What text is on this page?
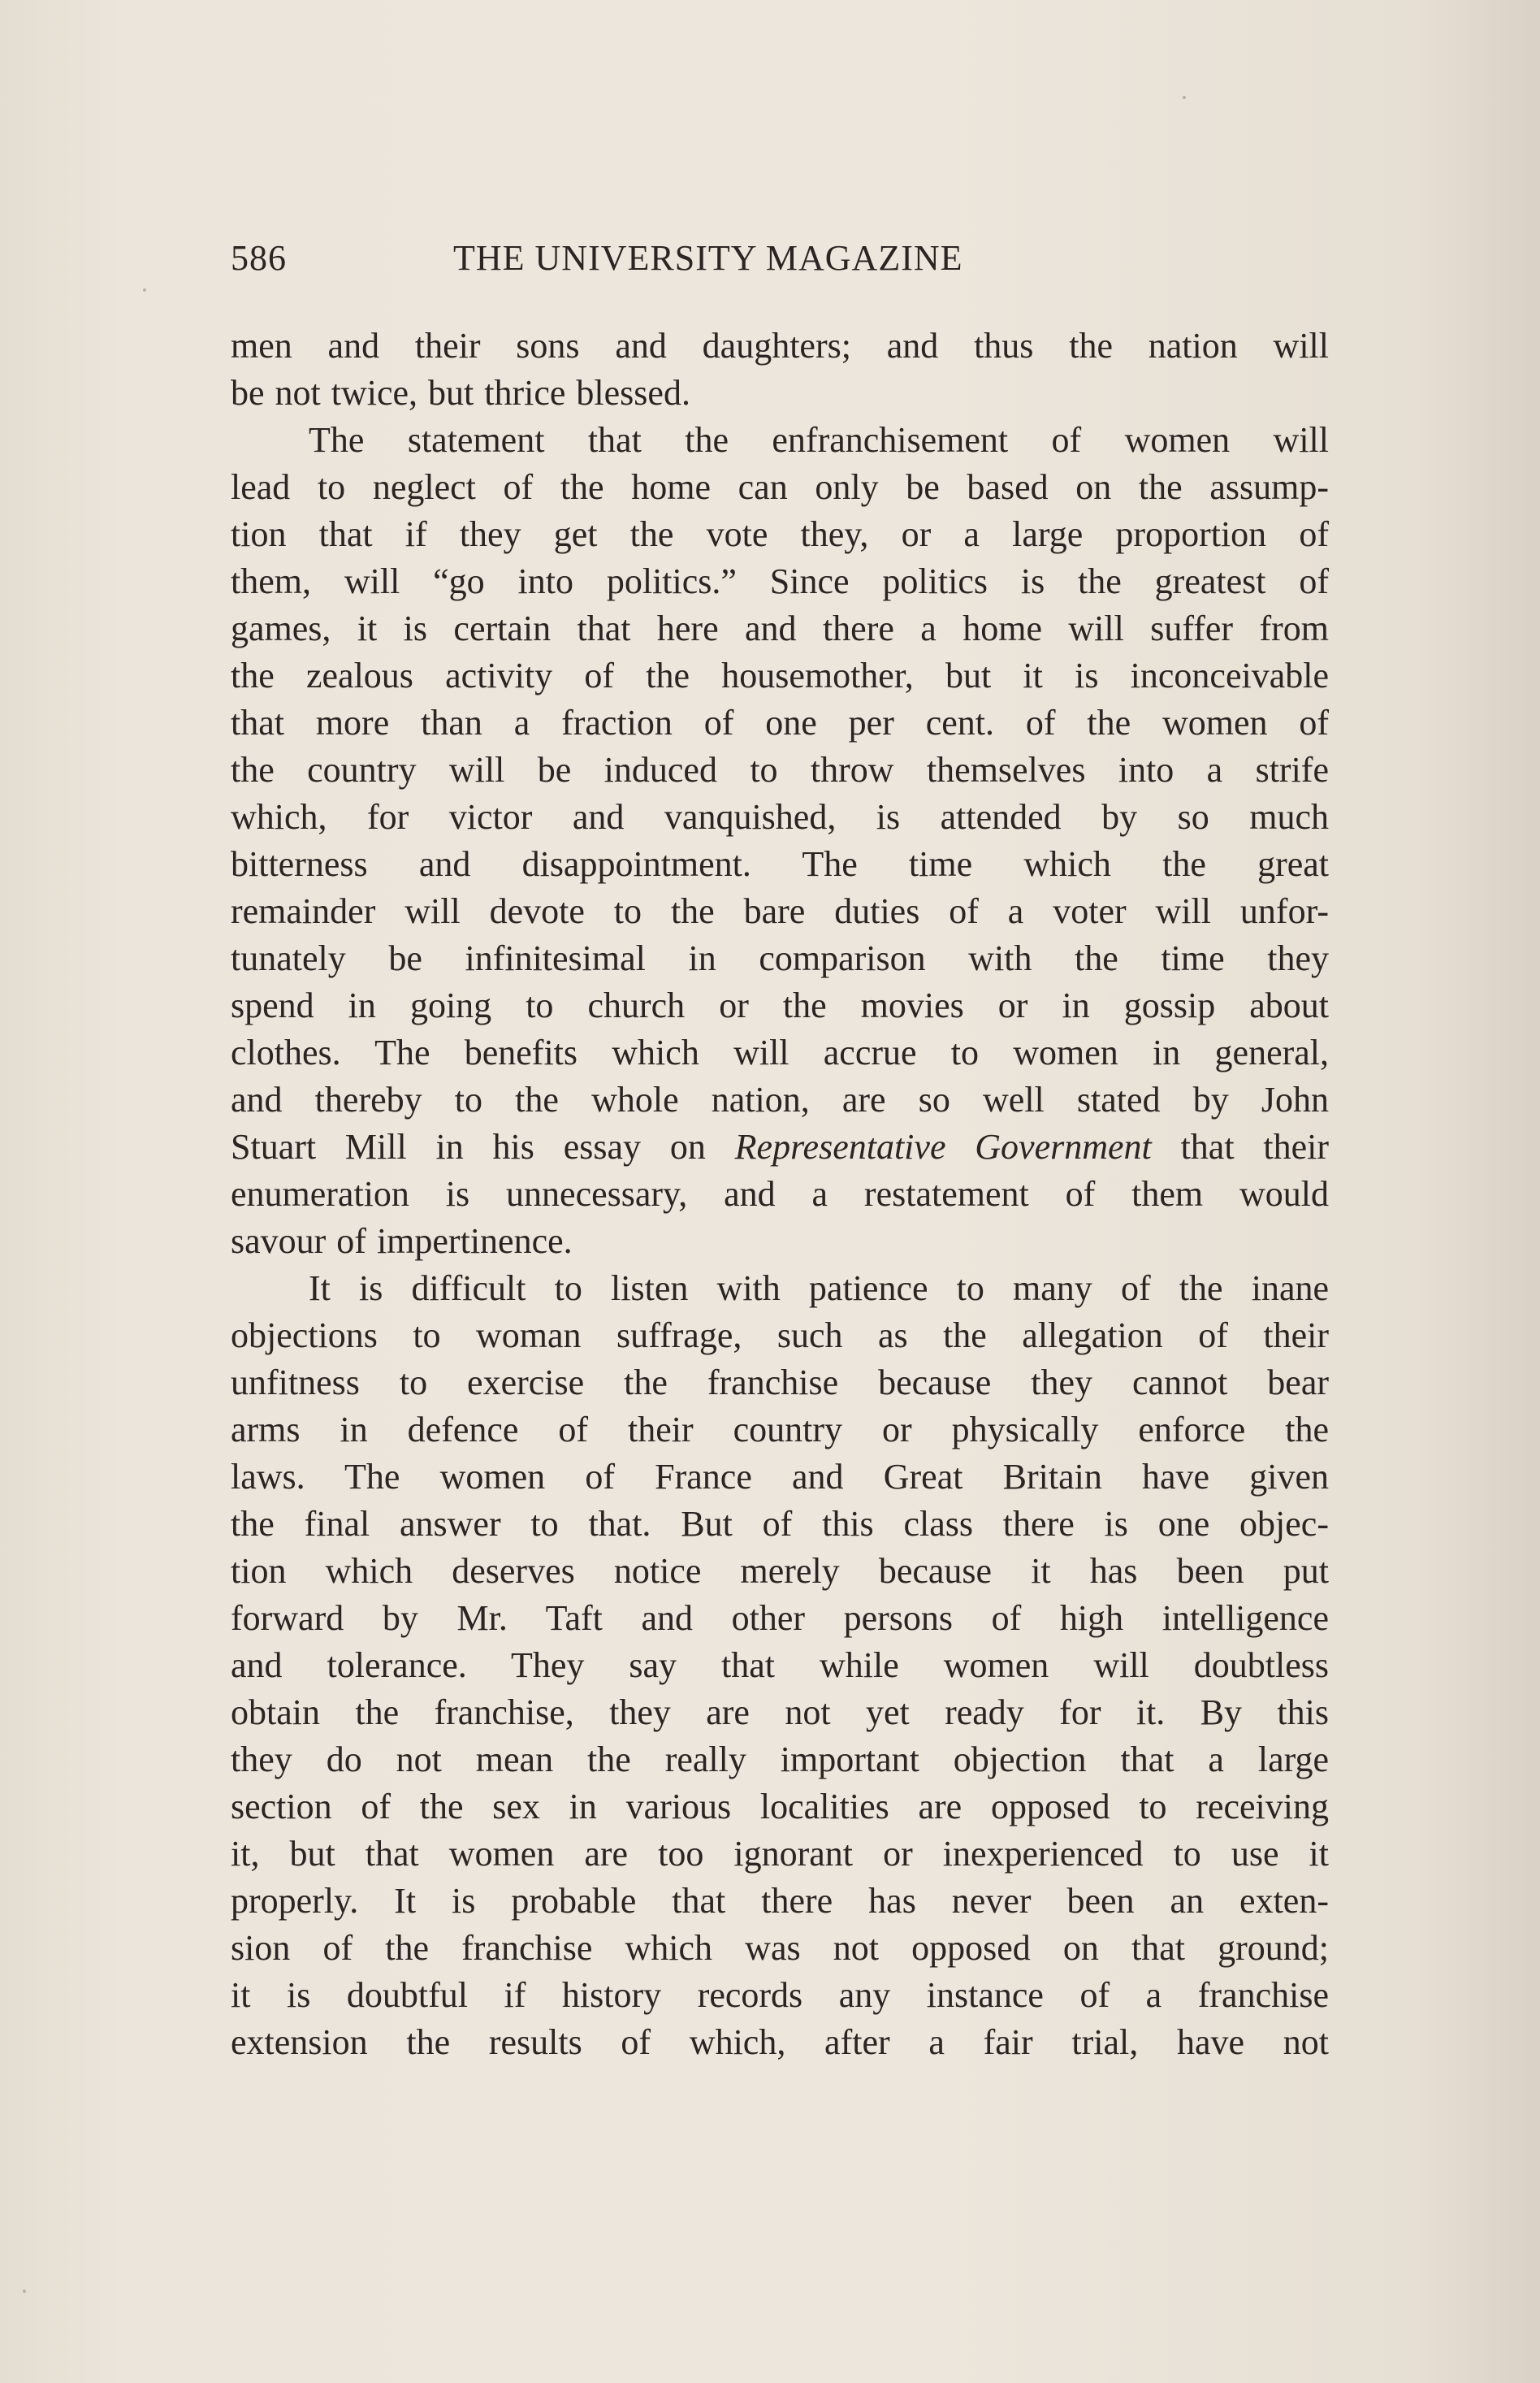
586	THE UNIVERSITY MAGAZINE
men and their sons and daughters; and thus the nation will
be not twice, but thrice blessed.
The statement that the enfranchisement of women will
lead to neglect of the home can only be based on the assump-
tion that if they get the vote they, or a large proportion of
them, will “go into politics.” Since politics is the greatest of
games, it is certain that here and there a home will suffer from
the zealous activity of the housemother, but it is inconceivable
that more than a fraction of one per cent. of the women of
the country will be induced to throw themselves into a strife
which, for victor and vanquished, is attended by so much
bitterness and disappointment. The time which the great
remainder will devote to the bare duties of a voter will unfor-
tunately be infinitesimal in comparison with the time they
spend in going to church or the movies or in gossip about
clothes. The benefits which will accrue to women in general,
and thereby to the whole nation, are so well stated by John
Stuart Mill in his essay on Representative Government that their
enumeration is unnecessary, and a restatement of them would
savour of impertinence.
It is difficult to listen with patience to many of the inane
objections to woman suffrage, such as the allegation of their
unfitness to exercise the franchise because they cannot bear
arms in defence of their country or physically enforce the
laws. The women of France and Great Britain have given
the final answer to that. But of this class there is one objec-
tion which deserves notice merely because it has been put
forward by Mr. Taft and other persons of high intelligence
and tolerance. They say that while women will doubtless
obtain the franchise, they are not yet ready for it. By this
they do not mean the really important objection that a large
section of the sex in various localities are opposed to receiving
it, but that women are too ignorant or inexperienced to use it
properly. It is probable that there has never been an exten-
sion of the franchise which was not opposed on that ground;
it is doubtful if history records any instance of a franchise
extension the results of which, after a fair trial, have not
